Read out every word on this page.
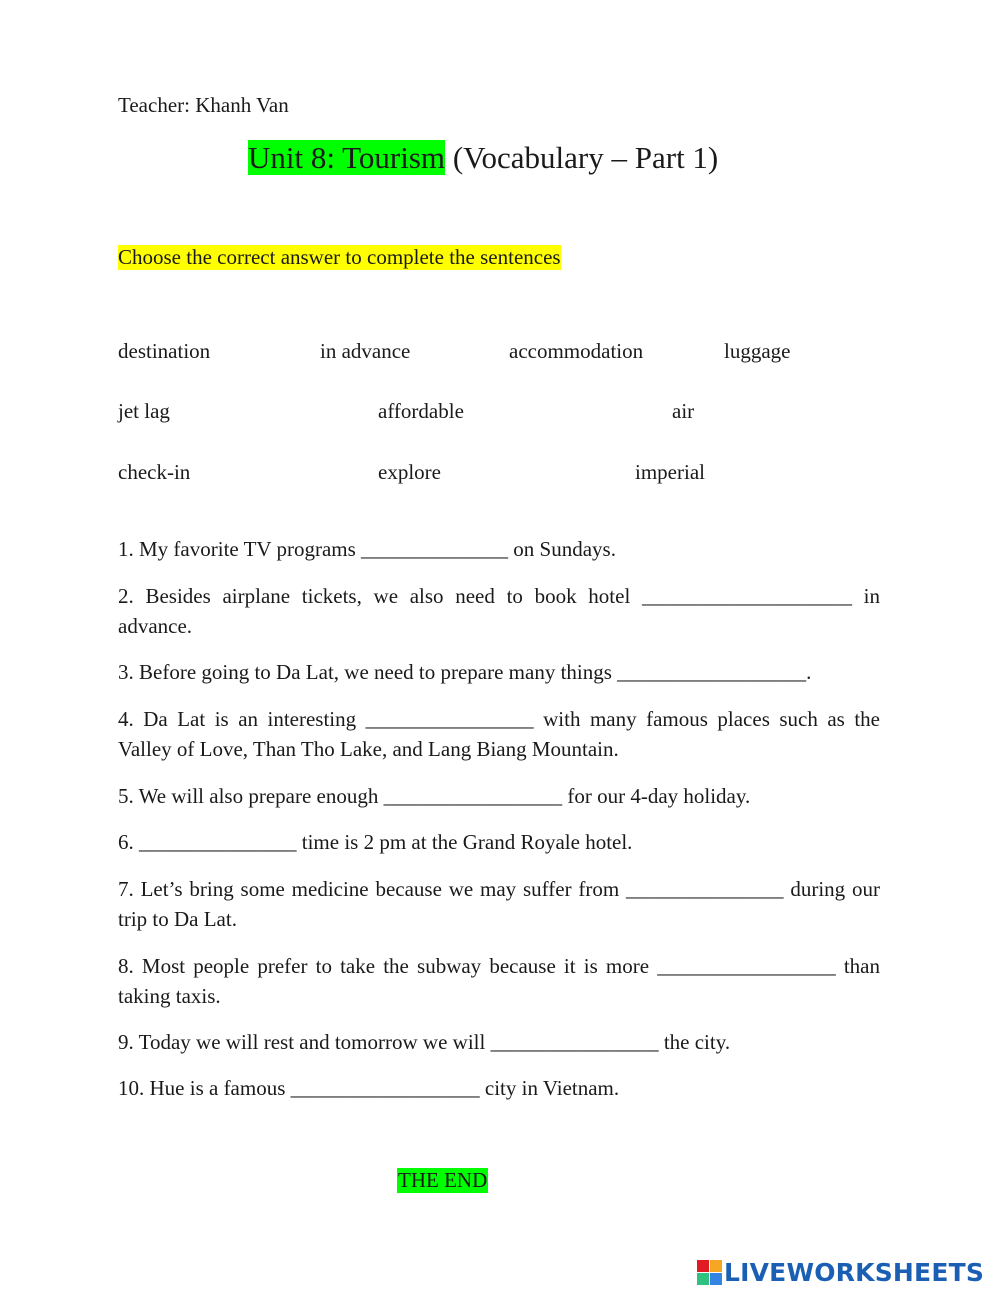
Teacher: Khanh Van
Unit 8: Tourism (Vocabulary – Part 1)
Choose the correct answer to complete the sentences
destination	in advance	accommodation	luggage
jet lag	affordable	air
check-in	explore	imperial
1. My favorite TV programs ______________ on Sundays.
2. Besides airplane tickets, we also need to book hotel ____________________ in advance.
3. Before going to Da Lat, we need to prepare many things __________________.
4. Da Lat is an interesting ________________ with many famous places such as the Valley of Love, Than Tho Lake, and Lang Biang Mountain.
5. We will also prepare enough _________________ for our 4-day holiday.
6. _______________ time is 2 pm at the Grand Royale hotel.
7. Let’s bring some medicine because we may suffer from _______________ during our trip to Da Lat.
8. Most people prefer to take the subway because it is more _________________ than taking taxis.
9. Today we will rest and tomorrow we will ________________ the city.
10. Hue is a famous __________________ city in Vietnam.
THE END
LIVEWORKSHEETS
